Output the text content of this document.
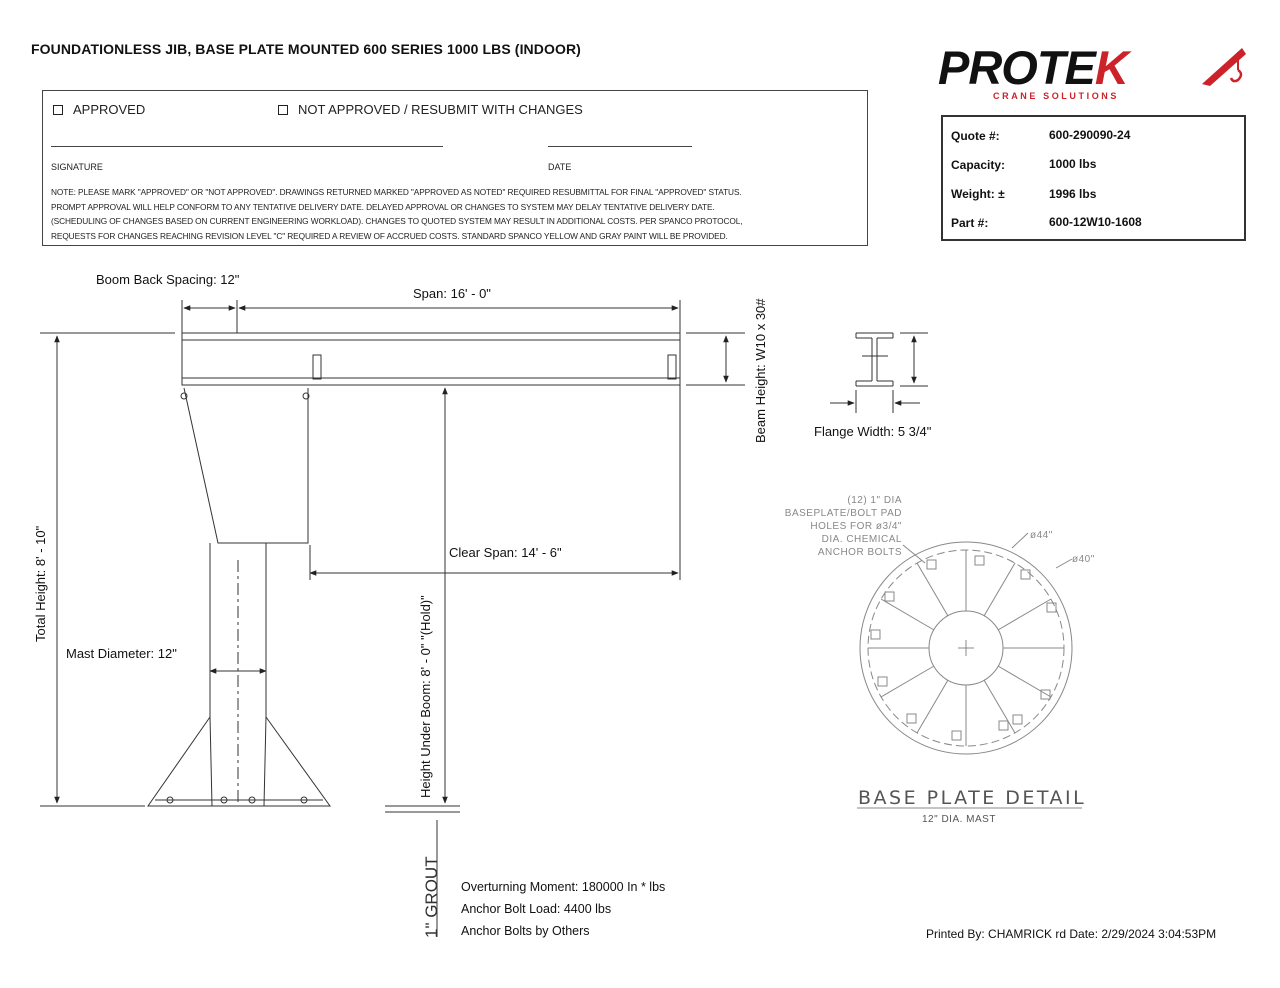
FOUNDATIONLESS JIB, BASE PLATE MOUNTED 600 SERIES 1000 LBS (INDOOR)
APPROVED	NOT APPROVED / RESUBMIT WITH CHANGES
SIGNATURE	DATE
NOTE: PLEASE MARK "APPROVED" OR "NOT APPROVED". DRAWINGS RETURNED MARKED "APPROVED AS NOTED" REQUIRED RESUBMITTAL FOR FINAL "APPROVED" STATUS.
PROMPT APPROVAL WILL HELP CONFORM TO ANY TENTATIVE DELIVERY DATE. DELAYED APPROVAL OR CHANGES TO SYSTEM MAY DELAY TENTATIVE DELIVERY DATE.
(SCHEDULING OF CHANGES BASED ON CURRENT ENGINEERING WORKLOAD). CHANGES TO QUOTED SYSTEM MAY RESULT IN ADDITIONAL COSTS. PER SPANCO PROTOCOL,
REQUESTS FOR CHANGES REACHING REVISION LEVEL "C" REQUIRED A REVIEW OF ACCRUED COSTS. STANDARD SPANCO YELLOW AND GRAY PAINT WILL BE PROVIDED.
PROTEK
CRANE SOLUTIONS
Quote #:	600-290090-24
Capacity:	1000 lbs
Weight: ±	1996 lbs
Part #:	600-12W10-1608
Boom Back Spacing: 12"
Span: 16' - 0"
Beam Height: W10 x 30#	Flange Width: 5 3/4"
Total Height: 8' - 10"
Mast Diameter: 12"
Clear Span: 14' - 6"
Height Under Boom: 8' - 0" "(Hold)"
1" GROUT
(12) 1" DIA
BASEPLATE/BOLT PAD
HOLES FOR ø3/4"
DIA. CHEMICAL
ANCHOR BOLTS
ø44"
ø40"
BASE PLATE DETAIL
12" DIA. MAST
Overturning Moment: 180000 In * lbs
Anchor Bolt Load: 4400 lbs
Anchor Bolts by Others	Printed By: CHAMRICK rd Date: 2/29/2024 3:04:53PM
